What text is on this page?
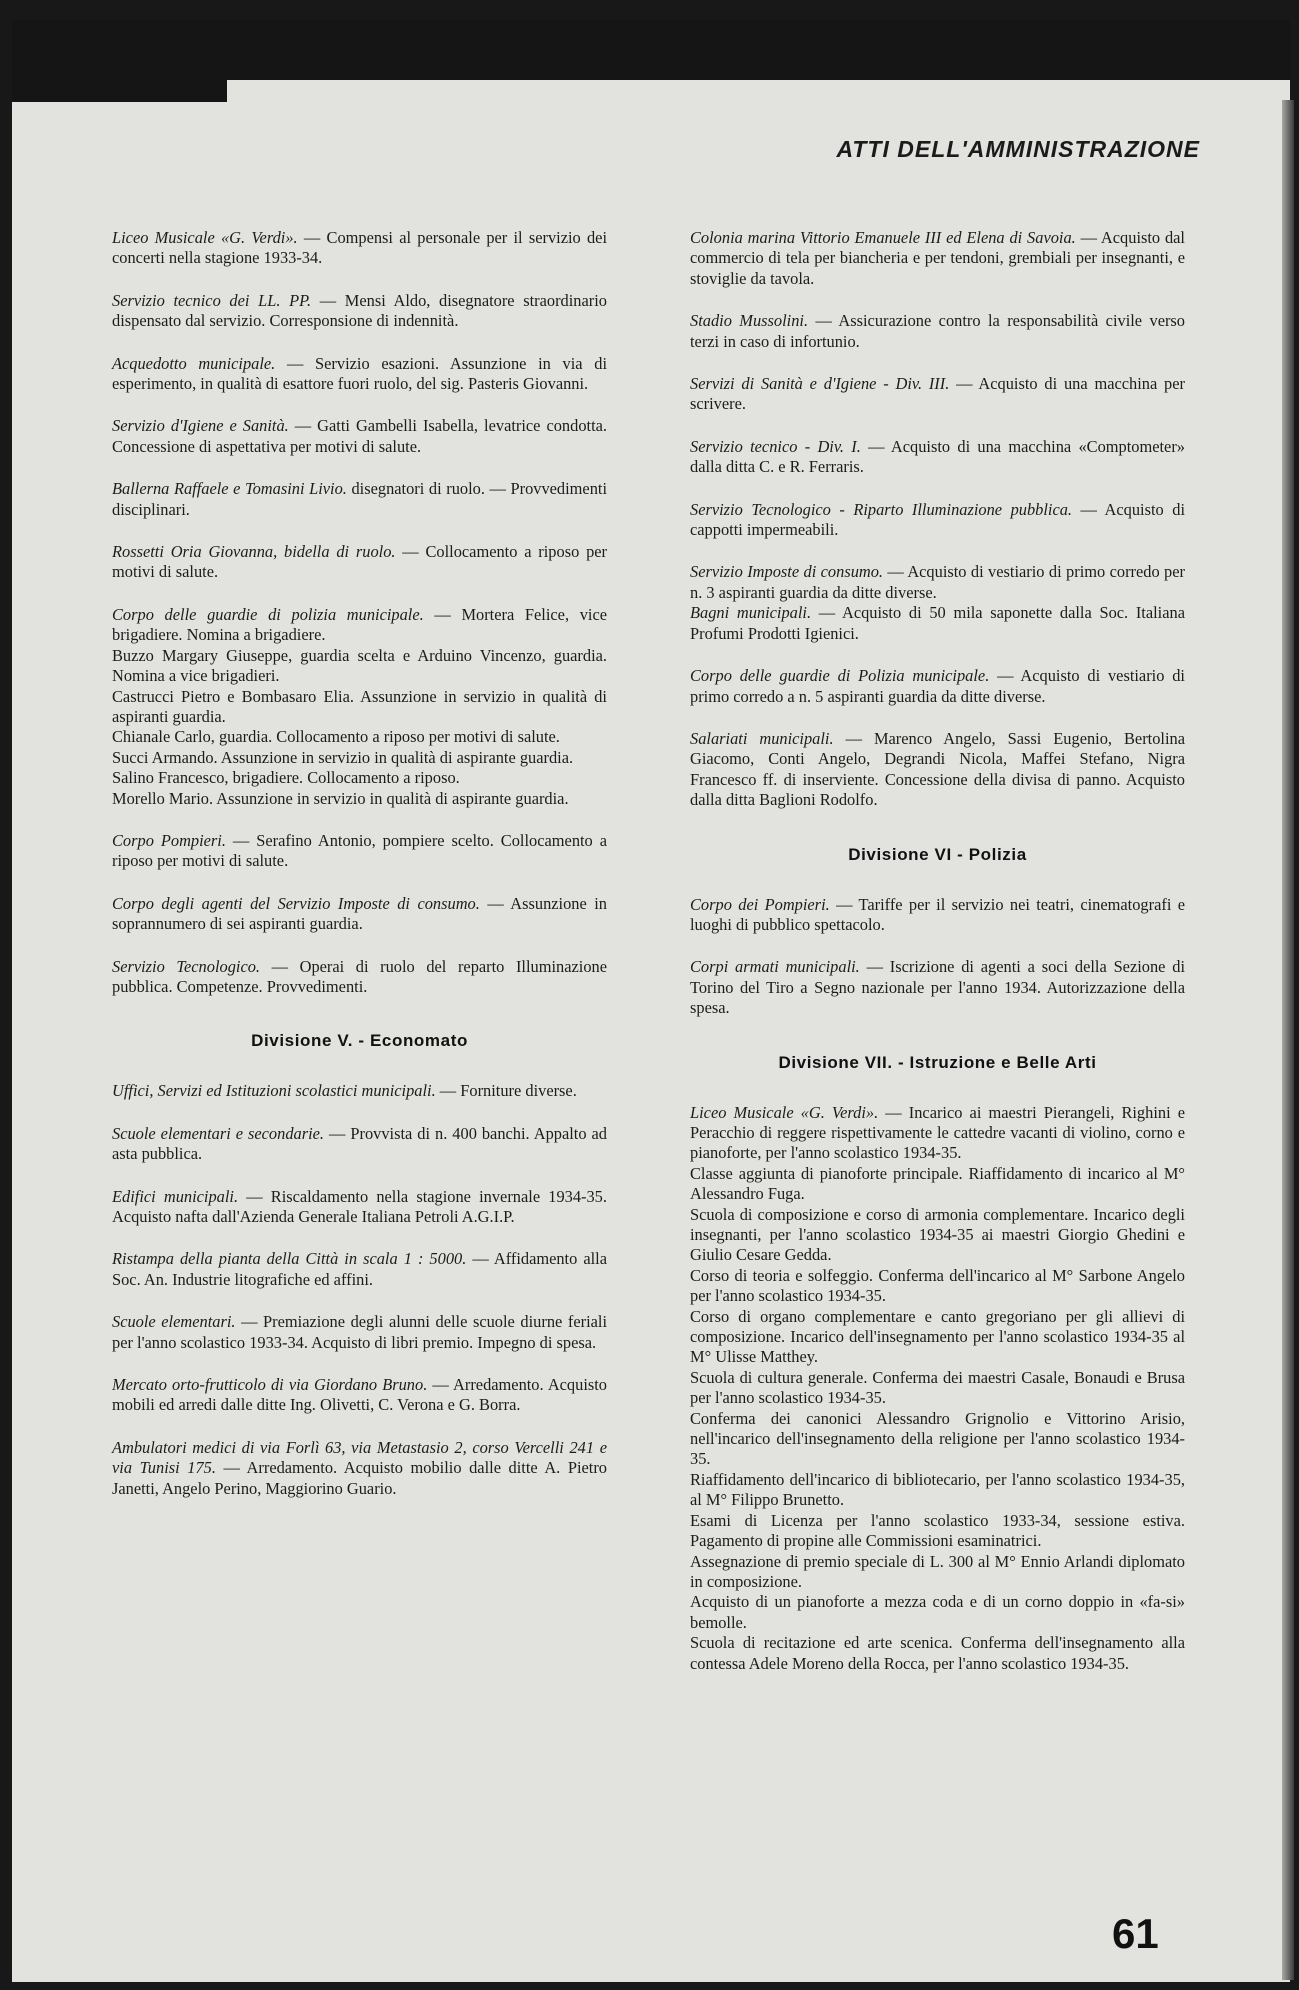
ATTI DELL'AMMINISTRAZIONE

Liceo Musicale «G. Verdi». — Compensi al personale per il servizio dei concerti nella stagione 1933-34.

Servizio tecnico dei LL. PP. — Mensi Aldo, disegnatore straordinario dispensato dal servizio. Corresponsione di indennità.

Acquedotto municipale. — Servizio esazioni. Assunzione in via di esperimento, in qualità di esattore fuori ruolo, del sig. Pasteris Giovanni.

Servizio d'Igiene e Sanità. — Gatti Gambelli Isabella, levatrice condotta. Concessione di aspettativa per motivi di salute.

Ballerna Raffaele e Tomasini Livio. disegnatori di ruolo. — Provvedimenti disciplinari.

Rossetti Oria Giovanna, bidella di ruolo. — Collocamento a riposo per motivi di salute.

Corpo delle guardie di polizia municipale. — Mortera Felice, vice brigadiere. Nomina a brigadiere.
Buzzo Margary Giuseppe, guardia scelta e Arduino Vincenzo, guardia. Nomina a vice brigadieri.
Castrucci Pietro e Bombasaro Elia. Assunzione in servizio in qualità di aspiranti guardia.
Chianale Carlo, guardia. Collocamento a riposo per motivi di salute.
Succi Armando. Assunzione in servizio in qualità di aspirante guardia.
Salino Francesco, brigadiere. Collocamento a riposo.
Morello Mario. Assunzione in servizio in qualità di aspirante guardia.

Corpo Pompieri. — Serafino Antonio, pompiere scelto. Collocamento a riposo per motivi di salute.

Corpo degli agenti del Servizio Imposte di consumo. — Assunzione in soprannumero di sei aspiranti guardia.

Servizio Tecnologico. — Operai di ruolo del reparto Illuminazione pubblica. Competenze. Provvedimenti.

Divisione V. - Economato

Uffici, Servizi ed Istituzioni scolastici municipali. — Forniture diverse.

Scuole elementari e secondarie. — Provvista di n. 400 banchi. Appalto ad asta pubblica.

Edifici municipali. — Riscaldamento nella stagione invernale 1934-35. Acquisto nafta dall'Azienda Generale Italiana Petroli A.G.I.P.

Ristampa della pianta della Città in scala 1 : 5000. — Affidamento alla Soc. An. Industrie litografiche ed affini.

Scuole elementari. — Premiazione degli alunni delle scuole diurne feriali per l'anno scolastico 1933-34. Acquisto di libri premio. Impegno di spesa.

Mercato orto-frutticolo di via Giordano Bruno. — Arredamento. Acquisto mobili ed arredi dalle ditte Ing. Olivetti, C. Verona e G. Borra.

Ambulatori medici di via Forlì 63, via Metastasio 2, corso Vercelli 241 e via Tunisi 175. — Arredamento. Acquisto mobilio dalle ditte A. Pietro Janetti, Angelo Perino, Maggiorino Guario.

Colonia marina Vittorio Emanuele III ed Elena di Savoia. — Acquisto dal commercio di tela per biancheria e per tendoni, grembiali per insegnanti, e stoviglie da tavola.

Stadio Mussolini. — Assicurazione contro la responsabilità civile verso terzi in caso di infortunio.

Servizi di Sanità e d'Igiene - Div. III. — Acquisto di una macchina per scrivere.

Servizio tecnico - Div. I. — Acquisto di una macchina «Comptometer» dalla ditta C. e R. Ferraris.

Servizio Tecnologico - Riparto Illuminazione pubblica. — Acquisto di cappotti impermeabili.

Servizio Imposte di consumo. — Acquisto di vestiario di primo corredo per n. 3 aspiranti guardia da ditte diverse.
Bagni municipali. — Acquisto di 50 mila saponette dalla Soc. Italiana Profumi Prodotti Igienici.

Corpo delle guardie di Polizia municipale. — Acquisto di vestiario di primo corredo a n. 5 aspiranti guardia da ditte diverse.

Salariati municipali. — Marenco Angelo, Sassi Eugenio, Bertolina Giacomo, Conti Angelo, Degrandi Nicola, Maffei Stefano, Nigra Francesco ff. di inserviente. Concessione della divisa di panno. Acquisto dalla ditta Baglioni Rodolfo.

Divisione VI - Polizia

Corpo dei Pompieri. — Tariffe per il servizio nei teatri, cinematografi e luoghi di pubblico spettacolo.

Corpi armati municipali. — Iscrizione di agenti a soci della Sezione di Torino del Tiro a Segno nazionale per l'anno 1934. Autorizzazione della spesa.

Divisione VII. - Istruzione e Belle Arti

Liceo Musicale «G. Verdi». — Incarico ai maestri Pierangeli, Righini e Peracchio di reggere rispettivamente le cattedre vacanti di violino, corno e pianoforte, per l'anno scolastico 1934-35.
Classe aggiunta di pianoforte principale. Riaffidamento di incarico al M° Alessandro Fuga.
Scuola di composizione e corso di armonia complementare. Incarico degli insegnanti, per l'anno scolastico 1934-35 ai maestri Giorgio Ghedini e Giulio Cesare Gedda.
Corso di teoria e solfeggio. Conferma dell'incarico al M° Sarbone Angelo per l'anno scolastico 1934-35.
Corso di organo complementare e canto gregoriano per gli allievi di composizione. Incarico dell'insegnamento per l'anno scolastico 1934-35 al M° Ulisse Matthey.
Scuola di cultura generale. Conferma dei maestri Casale, Bonaudi e Brusa per l'anno scolastico 1934-35.
Conferma dei canonici Alessandro Grignolio e Vittorino Arisio, nell'incarico dell'insegnamento della religione per l'anno scolastico 1934-35.
Riaffidamento dell'incarico di bibliotecario, per l'anno scolastico 1934-35, al M° Filippo Brunetto.
Esami di Licenza per l'anno scolastico 1933-34, sessione estiva. Pagamento di propine alle Commissioni esaminatrici.
Assegnazione di premio speciale di L. 300 al M° Ennio Arlandi diplomato in composizione.
Acquisto di un pianoforte a mezza coda e di un corno doppio in «fa-si» bemolle.
Scuola di recitazione ed arte scenica. Conferma dell'insegnamento alla contessa Adele Moreno della Rocca, per l'anno scolastico 1934-35.

61
